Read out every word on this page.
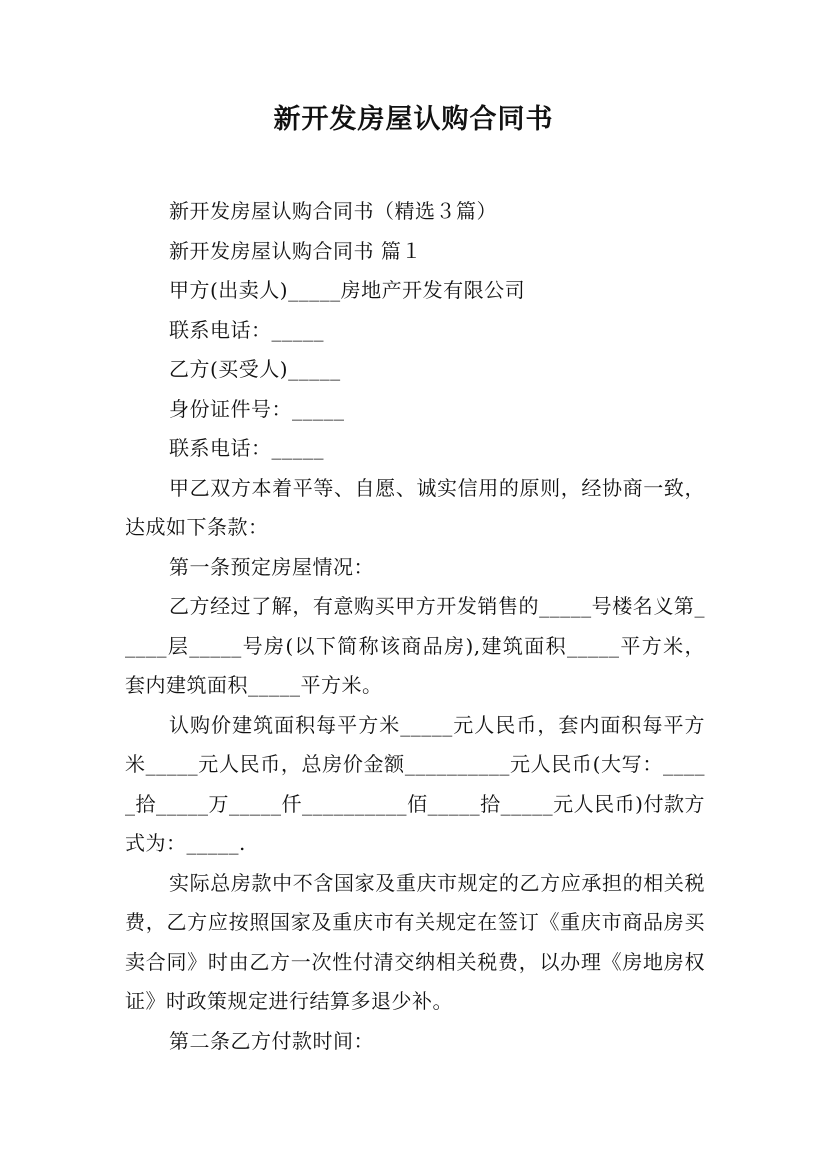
新开发房屋认购合同书

新开发房屋认购合同书（精选３篇）

新开发房屋认购合同书 篇１

甲方(出卖人)_____房地产开发有限公司

联系电话：_____

乙方(买受人)_____

身份证件号：_____

联系电话：_____

甲乙双方本着平等、自愿、诚实信用的原则，经协商一致，达成如下条款：

第一条预定房屋情况：

乙方经过了解，有意购买甲方开发销售的_____号楼名义第_____层_____号房(以下简称该商品房),建筑面积_____平方米，套内建筑面积_____平方米。

认购价建筑面积每平方米_____元人民币，套内面积每平方米_____元人民币，总房价金额__________元人民币(大写：_____拾_____万_____仟__________佰_____拾_____元人民币)付款方式为：_____.

实际总房款中不含国家及重庆市规定的乙方应承担的相关税费，乙方应按照国家及重庆市有关规定在签订《重庆市商品房买卖合同》时由乙方一次性付清交纳相关税费，以办理《房地房权证》时政策规定进行结算多退少补。

第二条乙方付款时间：
